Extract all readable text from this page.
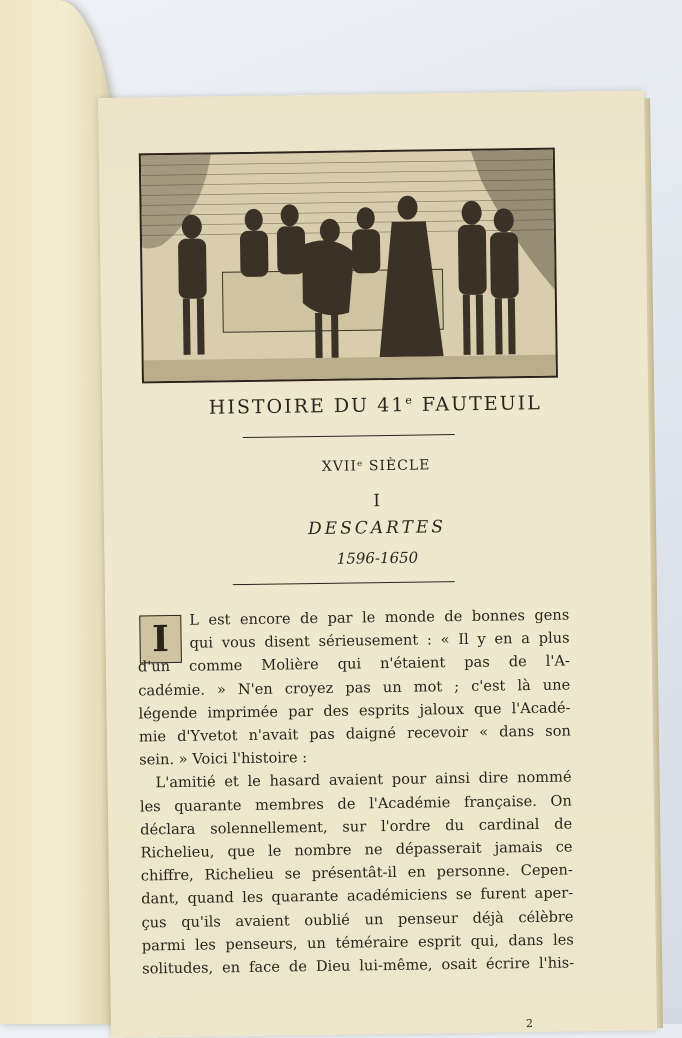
HISTOIRE DU 41e FAUTEUIL
XVIIᵉ SIÈCLE
I
DESCARTES
1596-1650
I
L est encore de par le monde de bonnes gens
qui vous disent sérieusement : « Il y en a plus
d'un comme Molière qui n'étaient pas de l'A-
cadémie. » N'en croyez pas un mot ; c'est là une
légende imprimée par des esprits jaloux que l'Acadé-
mie d'Yvetot n'avait pas daigné recevoir « dans son
sein. » Voici l'histoire :
L'amitié et le hasard avaient pour ainsi dire nommé
les quarante membres de l'Académie française. On
déclara solennellement, sur l'ordre du cardinal de
Richelieu, que le nombre ne dépasserait jamais ce
chiffre, Richelieu se présentât-il en personne. Cepen-
dant, quand les quarante académiciens se furent aper-
çus qu'ils avaient oublié un penseur déjà célèbre
parmi les penseurs, un téméraire esprit qui, dans les
solitudes, en face de Dieu lui-même, osait écrire l'his-
2
